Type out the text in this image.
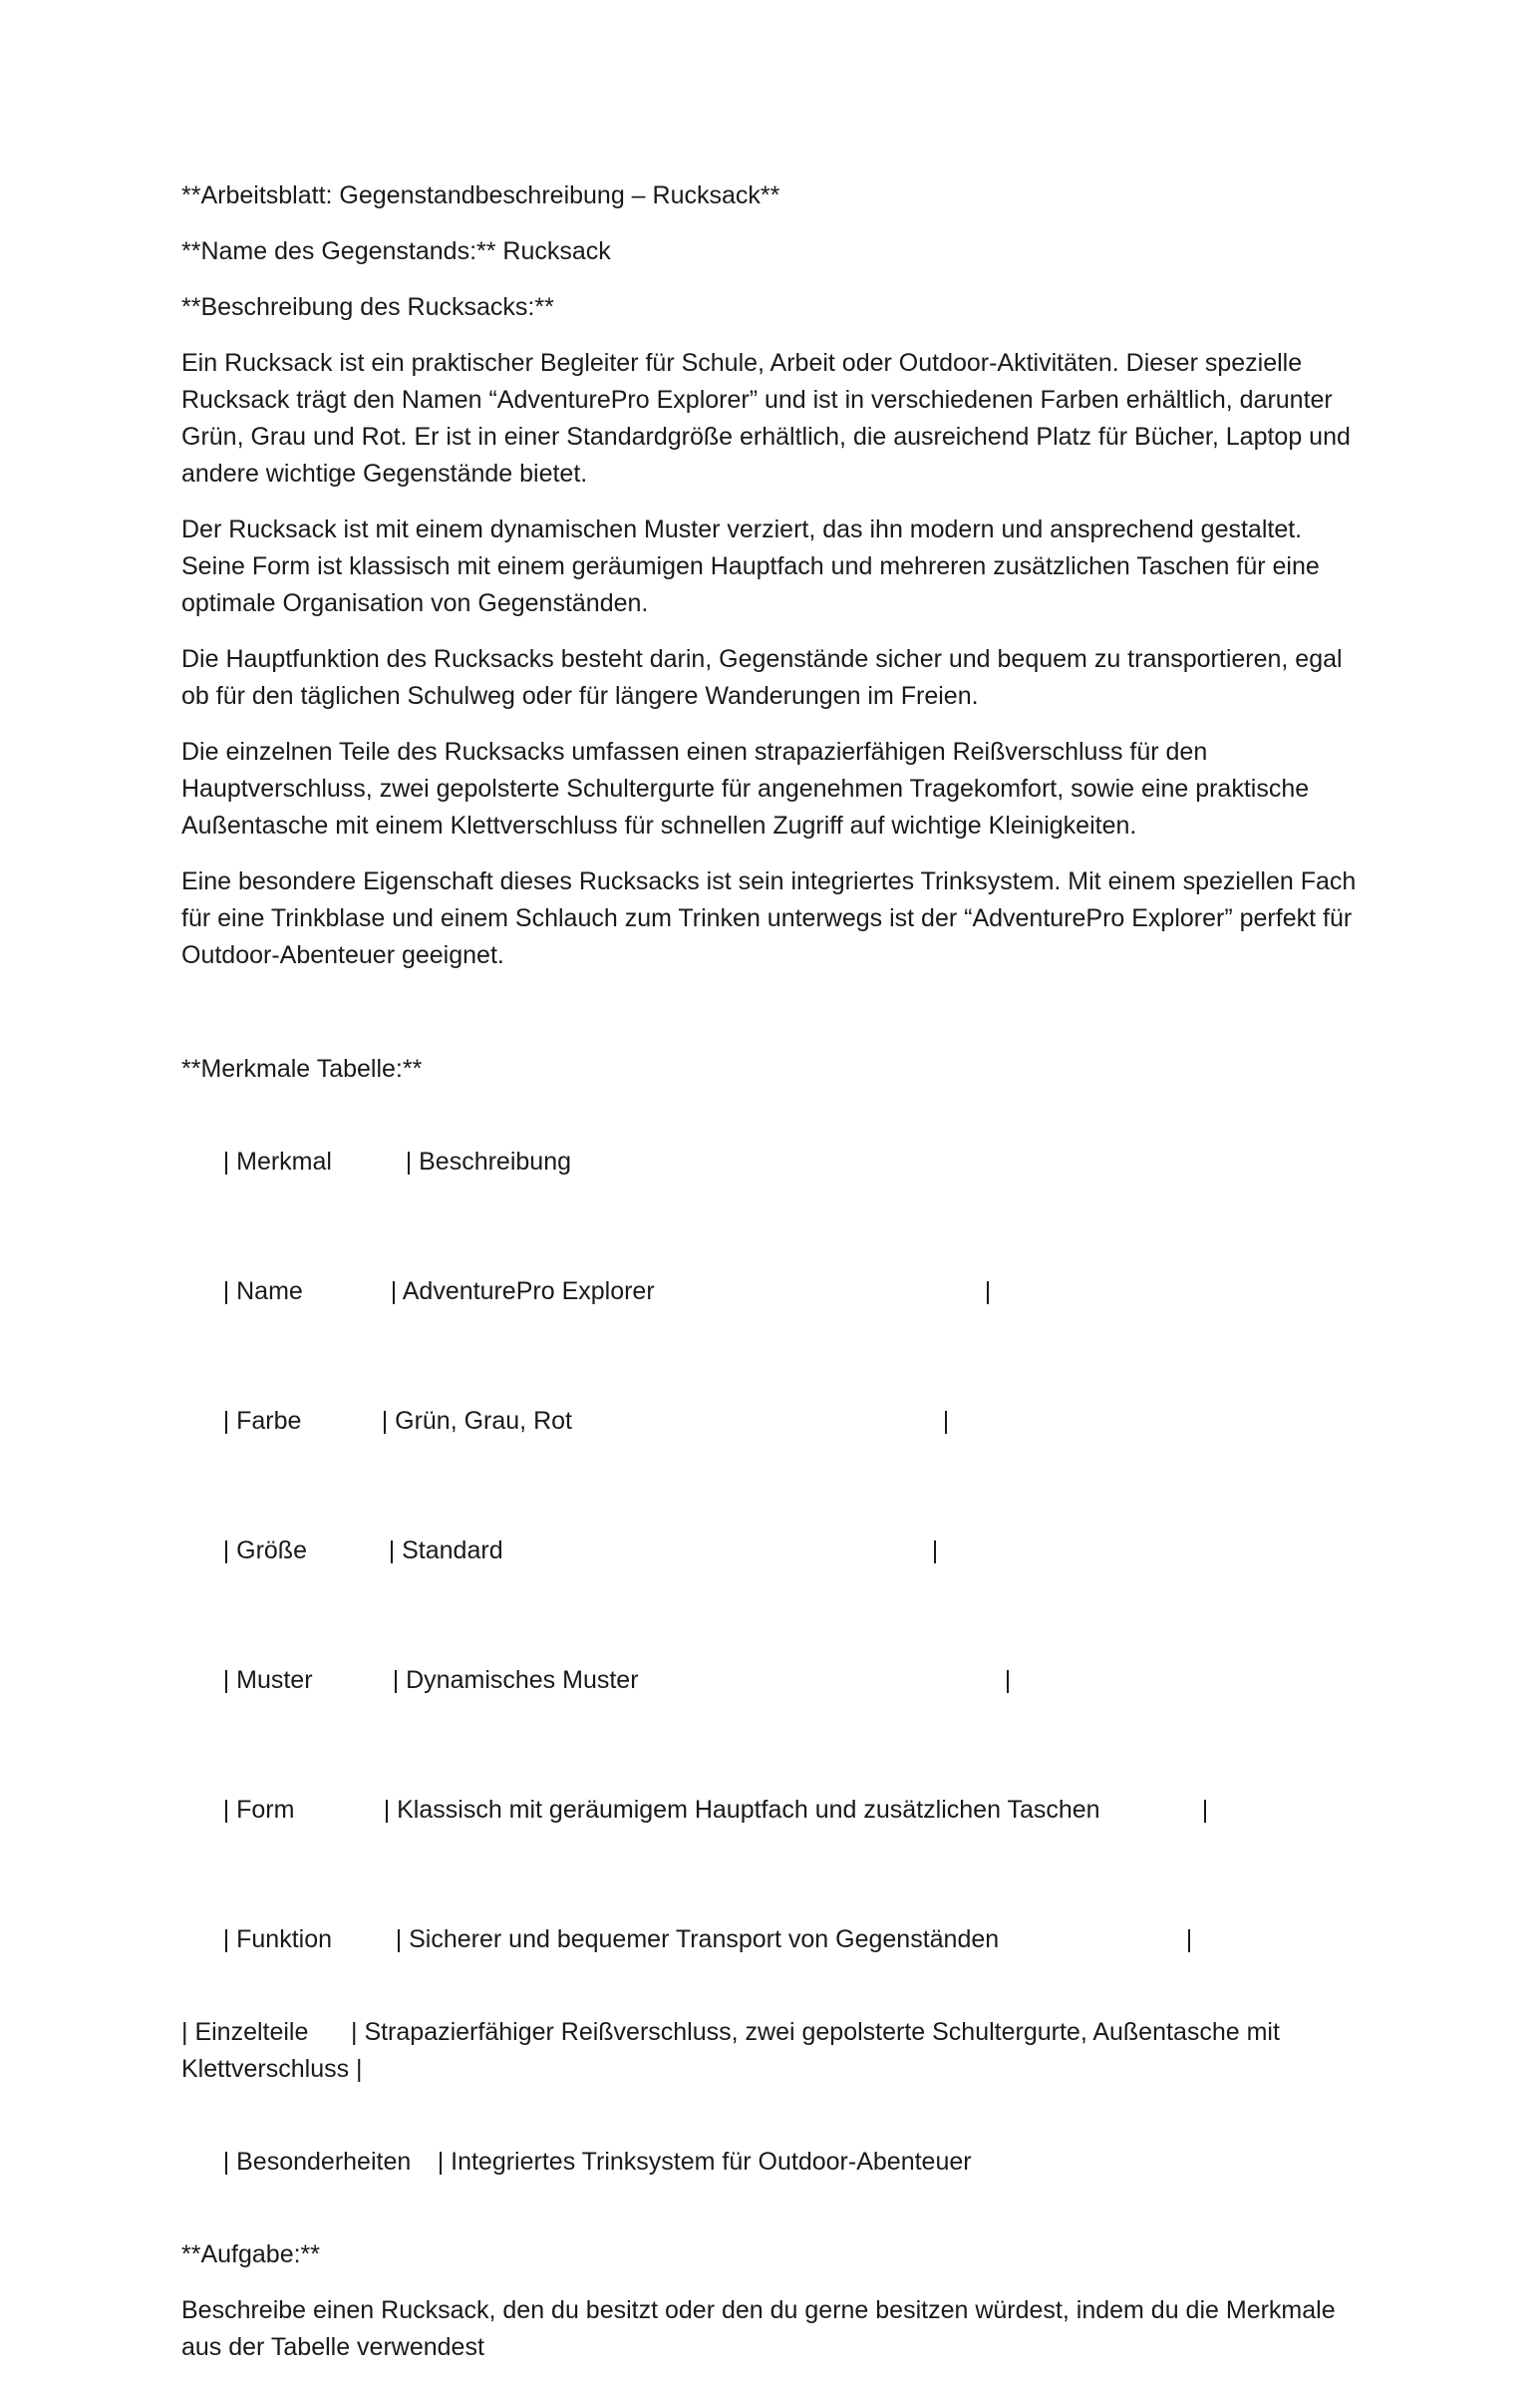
**Arbeitsblatt: Gegenstandbeschreibung – Rucksack**

**Name des Gegenstands:** Rucksack

**Beschreibung des Rucksacks:**

Ein Rucksack ist ein praktischer Begleiter für Schule, Arbeit oder Outdoor-Aktivitäten. Dieser spezielle Rucksack trägt den Namen “AdventurePro Explorer” und ist in verschiedenen Farben erhältlich, darunter Grün, Grau und Rot. Er ist in einer Standardgröße erhältlich, die ausreichend Platz für Bücher, Laptop und andere wichtige Gegenstände bietet.

Der Rucksack ist mit einem dynamischen Muster verziert, das ihn modern und ansprechend gestaltet. Seine Form ist klassisch mit einem geräumigen Hauptfach und mehreren zusätzlichen Taschen für eine optimale Organisation von Gegenständen.

Die Hauptfunktion des Rucksacks besteht darin, Gegenstände sicher und bequem zu transportieren, egal ob für den täglichen Schulweg oder für längere Wanderungen im Freien.

Die einzelnen Teile des Rucksacks umfassen einen strapazierfähigen Reißverschluss für den Hauptverschluss, zwei gepolsterte Schultergurte für angenehmen Tragekomfort, sowie eine praktische Außentasche mit einem Klettverschluss für schnellen Zugriff auf wichtige Kleinigkeiten.

Eine besondere Eigenschaft dieses Rucksacks ist sein integriertes Trinksystem. Mit einem speziellen Fach für eine Trinkblase und einem Schlauch zum Trinken unterwegs ist der “AdventurePro Explorer” perfekt für Outdoor-Abenteuer geeignet.

**Merkmale Tabelle:**

| Merkmal	| Beschreibung

| Name	| AdventurePro Explorer	|

| Farbe	| Grün, Grau, Rot	|

| Größe	| Standard	|

| Muster	| Dynamisches Muster	|

| Form	| Klassisch mit geräumigem Hauptfach und zusätzlichen Taschen	|

| Funktion	| Sicherer und bequemer Transport von Gegenständen	|

| Einzelteile | Strapazierfähiger Reißverschluss, zwei gepolsterte Schultergurte, Außentasche mit Klettverschluss |

| Besonderheiten | Integriertes Trinksystem für Outdoor-Abenteuer

**Aufgabe:**

Beschreibe einen Rucksack, den du besitzt oder den du gerne besitzen würdest, indem du die Merkmale aus der Tabelle verwendest
